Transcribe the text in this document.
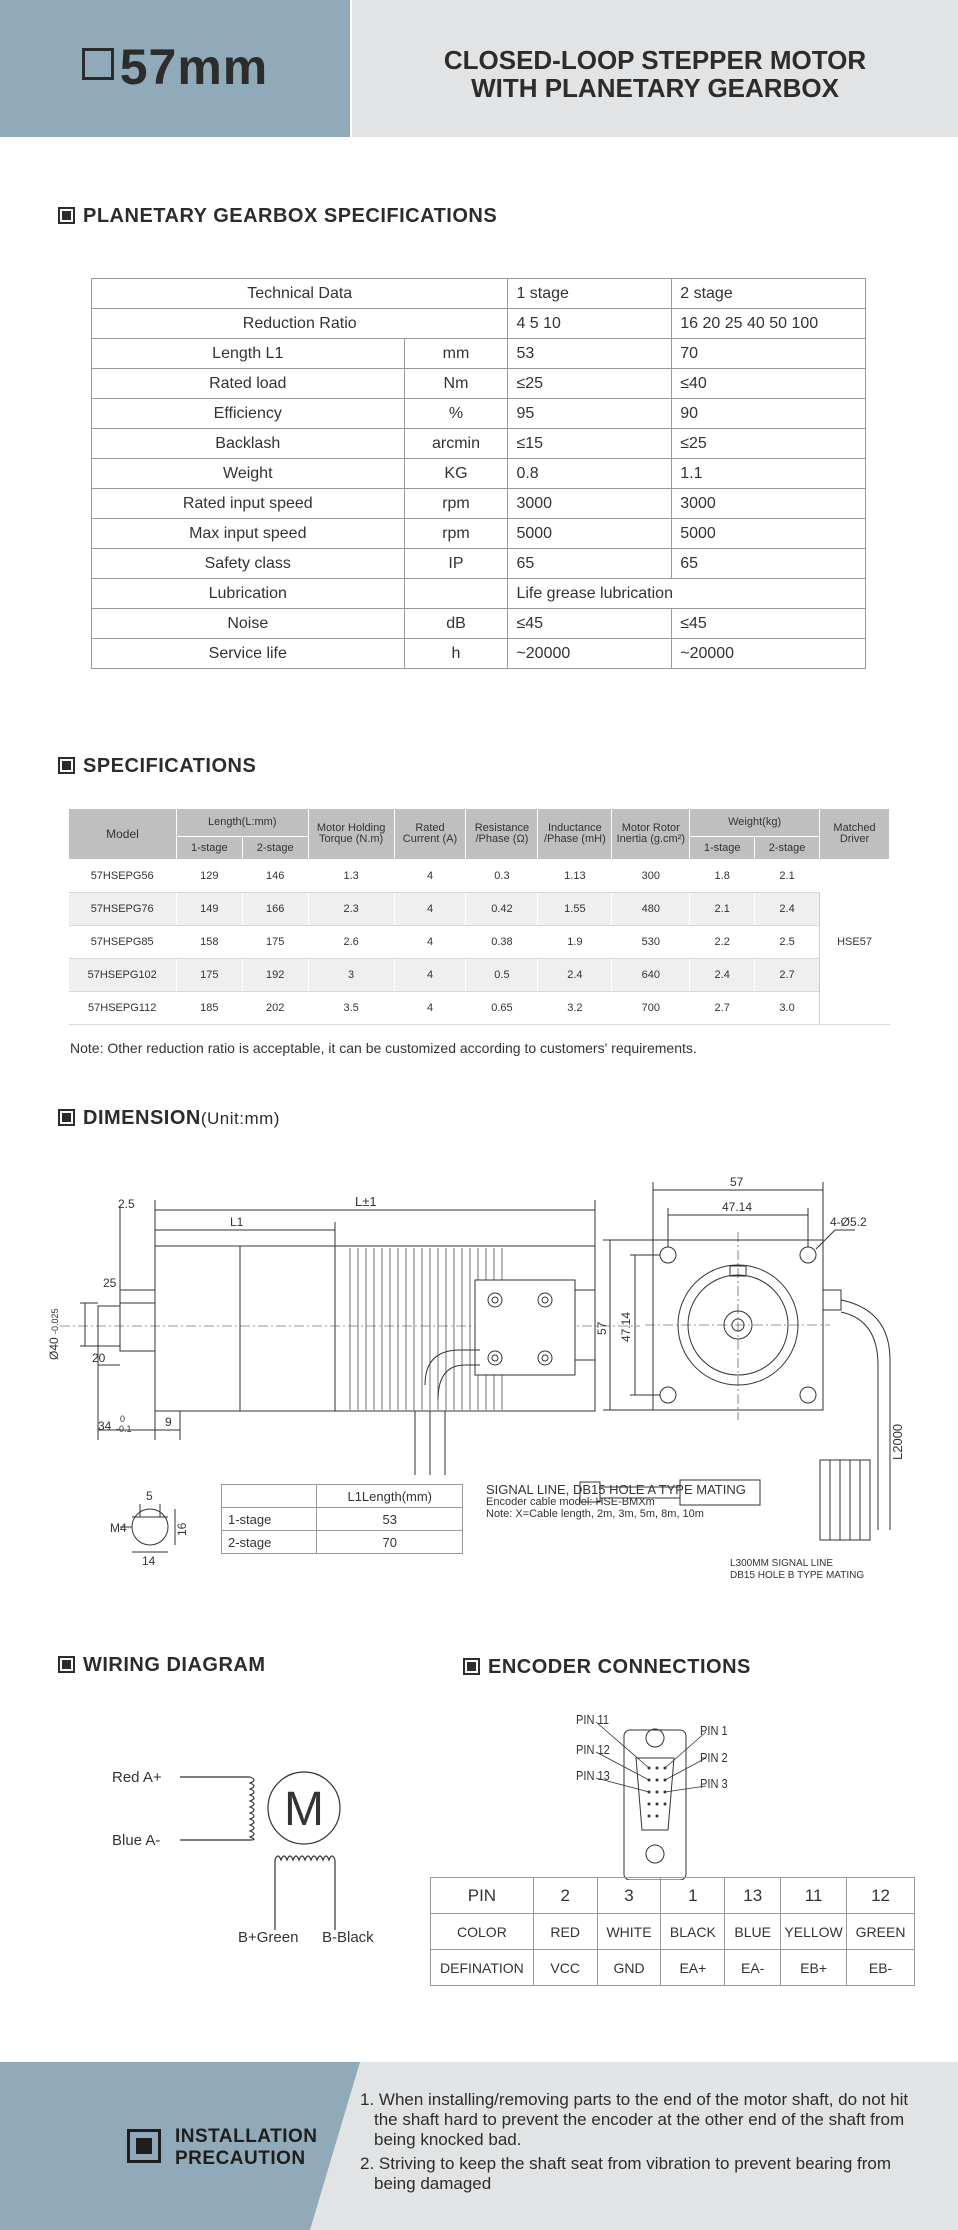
57mm	CLOSED-LOOP STEPPER MOTOR
WITH PLANETARY GEARBOX
PLANETARY GEARBOX SPECIFICATIONS
Technical Data		1 stage	2 stage
Reduction Ratio		4 5 10	16 20 25 40 50 100
Length L1	mm	53	70
Rated load	Nm	≤25	≤40
Efficiency	%	95	90
Backlash	arcmin	≤15	≤25
Weight	KG	0.8	1.1
Rated input speed	rpm	3000	3000
Max input speed	rpm	5000	5000
Safety class	IP	65	65
Lubrication		Life grease lubrication	
Noise	dB	≤45	≤45
Service life	h	~20000	~20000
SPECIFICATIONS
Model	Length(L:mm)		Motor Holding Torque (N.m)	Rated Current (A)	Resistance /Phase (Ω)	Inductance /Phase (mH)	Motor Rotor Inertia (g.cm²)	Weight(kg)		Matched Driver
	1-stage	2-stage						1-stage	2-stage	
57HSEPG56	129	146	1.3	4	0.3	1.13	300	1.8	2.1	HSE57
57HSEPG76	149	166	2.3	4	0.42	1.55	480	2.1	2.4	
57HSEPG85	158	175	2.6	4	0.38	1.9	530	2.2	2.5	
57HSEPG102	175	192	3	4	0.5	2.4	640	2.4	2.7	
57HSEPG112	185	202	3.5	4	0.65	3.2	700	2.7	3.0	
Note: Other reduction ratio is acceptable, it can be customized according to customers' requirements.
DIMENSION(Unit:mm)
2.5	L±1
L1
25
20
34 -0.1
0	9
Ø40
-0.025
57
47.14
4-Ø5.2
57 47.14
L2000
5
M4	16
14
	L1Length(mm)
1-stage	53
2-stage	70
SIGNAL LINE, DB15 HOLE A TYPE MATING
Encoder cable model: HSE-BMXm
Note: X=Cable length, 2m, 3m, 5m, 8m, 10m
L300MM SIGNAL LINE
DB15 HOLE B TYPE MATING
WIRING DIAGRAM
M
Red A+
Blue A-
B+Green B-Black
ENCODER CONNECTIONS
PIN 11
PIN 12
PIN 13
PIN 1
PIN 2
PIN 3
PIN	2	3	1	13	11	12
COLOR	RED	WHITE	BLACK	BLUE	YELLOW	GREEN
DEFINATION	VCC	GND	EA+	EA-	EB+	EB-
INSTALLATION
PRECAUTION
1. When installing/removing parts to the end of the motor shaft, do not hit the shaft hard to prevent the encoder at the other end of the shaft from being knocked bad.
2. Striving to keep the shaft seat from vibration to prevent bearing from being damaged
